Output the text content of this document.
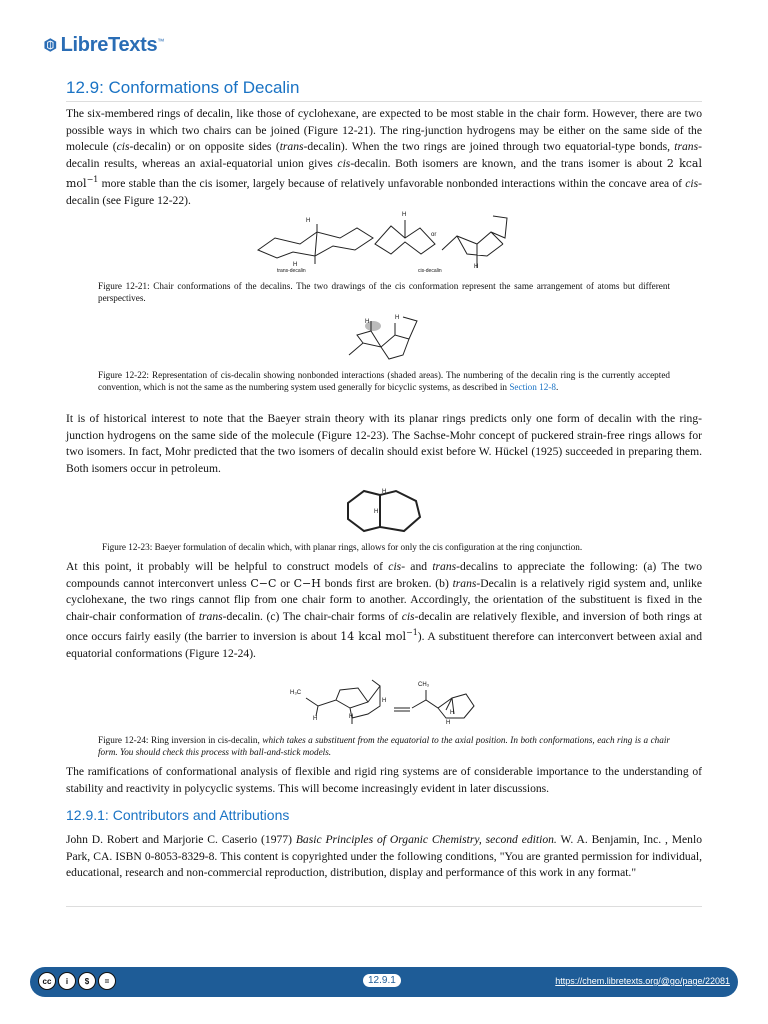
LibreTexts™
12.9: Conformations of Decalin

The six-membered rings of decalin, like those of cyclohexane, are expected to be most stable in the chair form. However, there are two possible ways in which two chairs can be joined (Figure 12-21). The ring-junction hydrogens may be either on the same side of the molecule (cis-decalin) or on opposite sides (trans-decalin). When the two rings are joined through two equatorial-type bonds, trans-decalin results, whereas an axial-equatorial union gives cis-decalin. Both isomers are known, and the trans isomer is about 2 kcal mol$^{-1}$ more stable than the cis isomer, largely because of relatively unfavorable nonbonded interactions within the concave area of cis-decalin (see Figure 12-22).

H
H
H
H
or
trans-decalin	cis-decalin

Figure 12-21: Chair conformations of the decalins. The two drawings of the cis conformation represent the same arrangement of atoms but different perspectives.

H
H

Figure 12-22: Representation of cis-decalin showing nonbonded interactions (shaded areas). The numbering of the decalin ring is the currently accepted convention, which is not the same as the numbering system used generally for bicyclic systems, as described in Section 12-8.

It is of historical interest to note that the Baeyer strain theory with its planar rings predicts only one form of decalin with the ring-junction hydrogens on the same side of the molecule (Figure 12-23). The Sachse-Mohr concept of puckered strain-free rings allows for two isomers. In fact, Mohr predicted that the two isomers of decalin should exist before W. Hückel (1925) succeeded in preparing them. Both isomers occur in petroleum.

H
H

Figure 12-23: Baeyer formulation of decalin which, with planar rings, allows for only the cis configuration at the ring conjunction.

At this point, it probably will be helpful to construct models of cis- and trans-decalins to appreciate the following: (a) The two compounds cannot interconvert unless C−C or C−H bonds first are broken. (b) trans-Decalin is a relatively rigid system and, unlike cyclohexane, the two rings cannot flip from one chair form to another. Accordingly, the orientation of the substituent is fixed in the chair-chair conformation of trans-decalin. (c) The chair-chair forms of cis-decalin are relatively flexible, and inversion of both rings at once occurs fairly easily (the barrier to inversion is about 14 kcal mol$^{-1}$). A substituent therefore can interconvert between axial and equatorial conformations (Figure 12-24).

H₃C
CH₃
H	H
H
H
H

Figure 12-24: Ring inversion in cis-decalin, which takes a substituent from the equatorial to the axial position. In both conformations, each ring is a chair form. You should check this process with ball-and-stick models.

The ramifications of conformational analysis of flexible and rigid ring systems are of considerable importance to the understanding of stability and reactivity in polycyclic systems. This will become increasingly evident in later discussions.

12.9.1: Contributors and Attributions

John D. Robert and Marjorie C. Caserio (1977) Basic Principles of Organic Chemistry, second edition. W. A. Benjamin, Inc. , Menlo Park, CA. ISBN 0-8053-8329-8. This content is copyrighted under the following conditions, "You are granted permission for individual, educational, research and non-commercial reproduction, distribution, display and performance of this work in any format."

cc	i	$	=	12.9.1	https://chem.libretexts.org/@go/page/22081
